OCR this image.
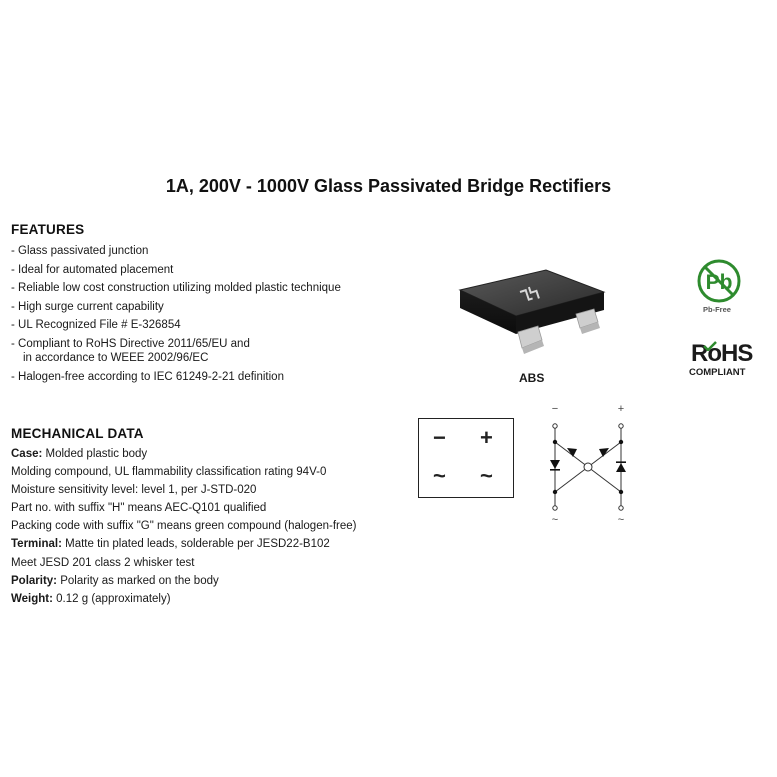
1A, 200V - 1000V Glass Passivated Bridge Rectifiers
FEATURES
- Glass passivated junction
- Ideal for automated placement
- Reliable low cost construction utilizing molded plastic technique
- High surge current capability
- UL Recognized File # E-326854
- Compliant to RoHS Directive 2011/65/EU and
in accordance to WEEE 2002/96/EC
- Halogen-free according to IEC 61249-2-21 definition	ABS
Pb
Pb-Free
RoHS
COMPLIANT
MECHANICAL DATA
Case: Molded plastic body
Molding compound, UL flammability classification rating 94V-0
Moisture sensitivity level: level 1, per J-STD-020
Part no. with suffix "H" means AEC-Q101 qualified
Packing code with suffix "G" means green compound (halogen-free)
Terminal: Matte tin plated leads, solderable per JESD22-B102
Meet JESD 201 class 2 whisker test
Polarity: Polarity as marked on the body
Weight: 0.12 g (approximately)
− +
~ ~
−	+
~	~
